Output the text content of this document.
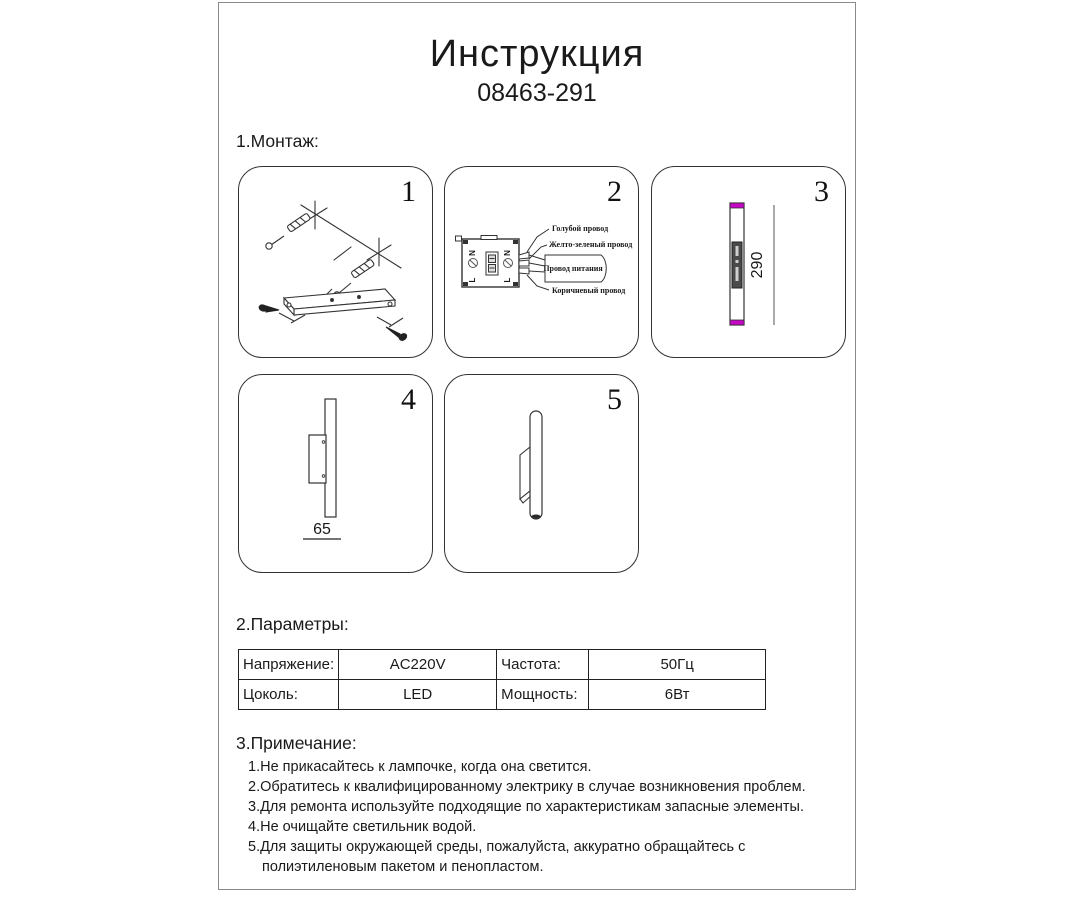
Инструкция
08463-291
1.Монтаж:
1
N
L
N
L
Голубой провод
Желто-зеленый провод
Провод питания
Коричневый провод
2
290
3
65
4	5
2.Параметры:
Напряжение:	AC220V	Частота:	50Гц
Цоколь:	LED	Мощность:	6Вт
3.Примечание:
1.Не прикасайтесь к лампочке, когда она светится.
2.Обратитесь к квалифицированному электрику в случае возникновения проблем.
3.Для ремонта используйте подходящие по характеристикам запасные элементы.
4.Не очищайте светильник водой.
5.Для защиты окружающей среды, пожалуйста, аккуратно обращайтесь с полиэтиленовым пакетом и пенопластом.
